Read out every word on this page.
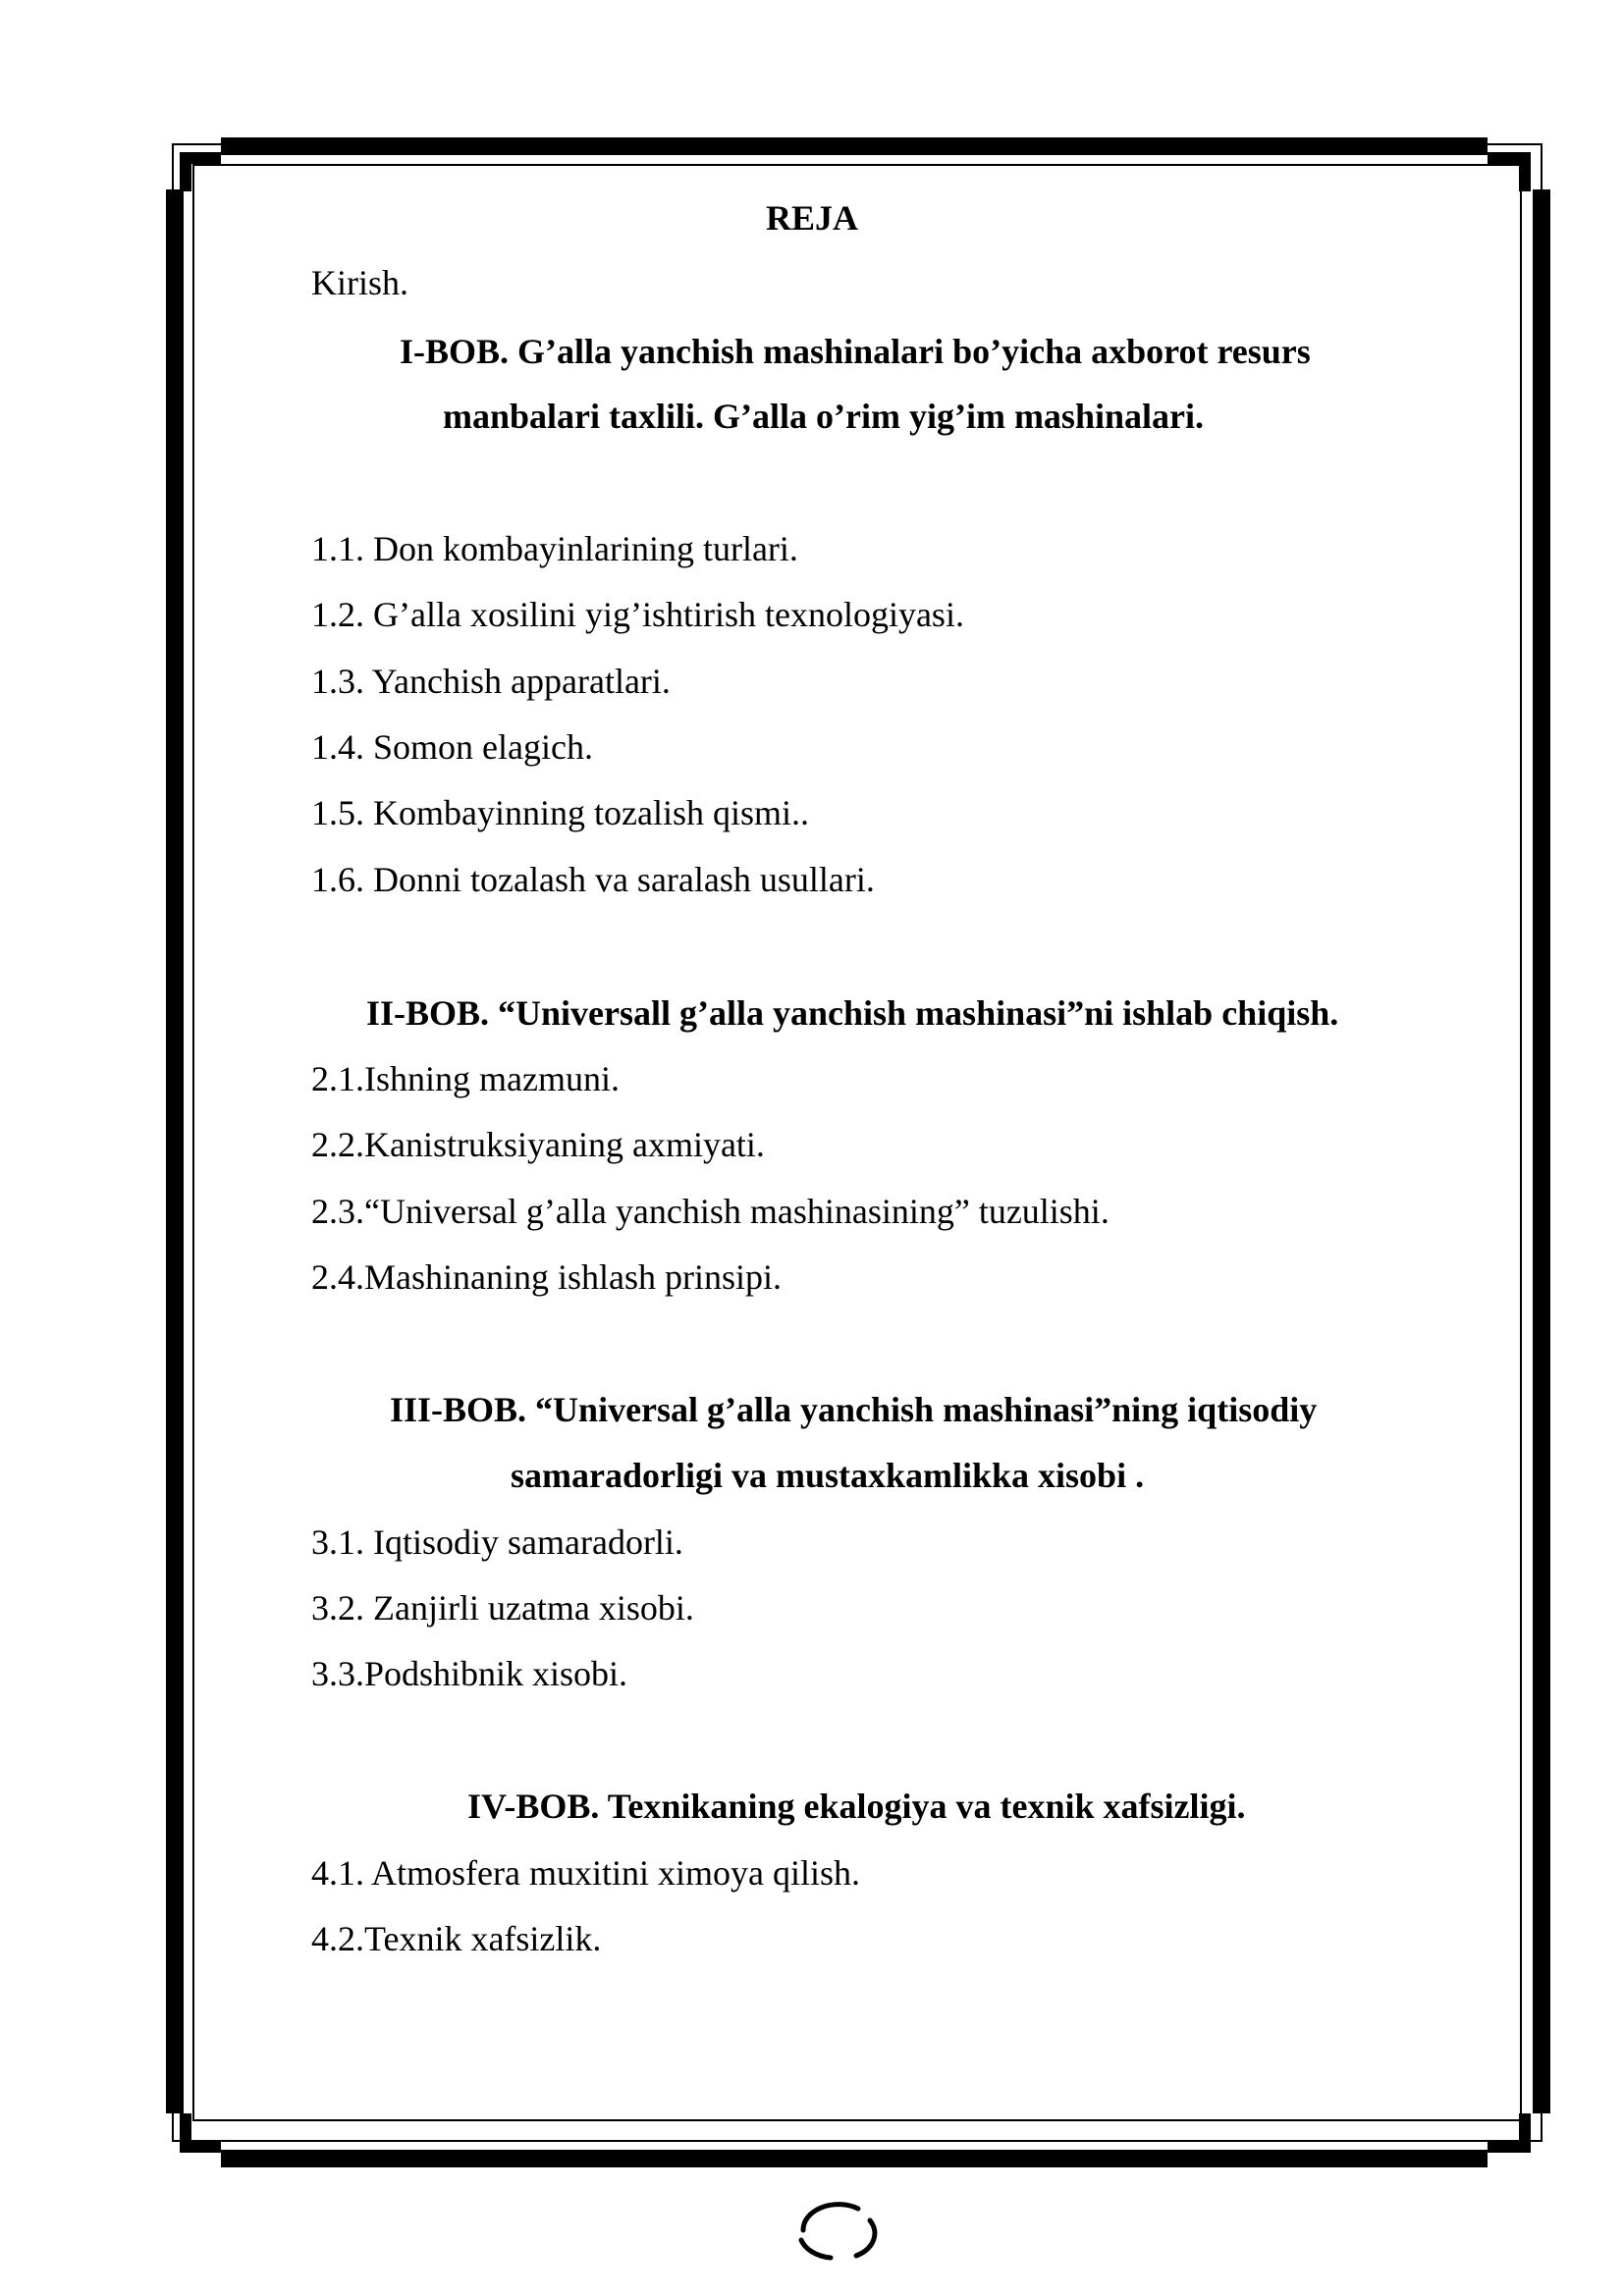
REJA
Kirish.
I-BOB. G’alla yanchish mashinalari bo’yicha axborot resurs
manbalari taxlili. G’alla o’rim yig’im mashinalari.
1.1. Don kombayinlarining turlari.
1.2. G’alla xosilini yig’ishtirish texnologiyasi.
1.3. Yanchish apparatlari.
1.4. Somon elagich.
1.5. Kombayinning tozalish qismi..
1.6. Donni tozalash va saralash usullari.
II-BOB. “Universall g’alla yanchish mashinasi”ni ishlab chiqish.
2.1.Ishning mazmuni.
2.2.Kanistruksiyaning axmiyati.
2.3.“Universal g’alla yanchish mashinasining” tuzulishi.
2.4.Mashinaning ishlash prinsipi.
III-BOB. “Universal g’alla yanchish mashinasi”ning iqtisodiy
samaradorligi va mustaxkamlikka xisobi .
3.1. Iqtisodiy samaradorli.
3.2. Zanjirli uzatma xisobi.
3.3.Podshibnik xisobi.
IV-BOB. Texnikaning ekalogiya va texnik xafsizligi.
4.1. Atmosfera muxitini ximoya qilish.
4.2.Texnik xafsizlik.
